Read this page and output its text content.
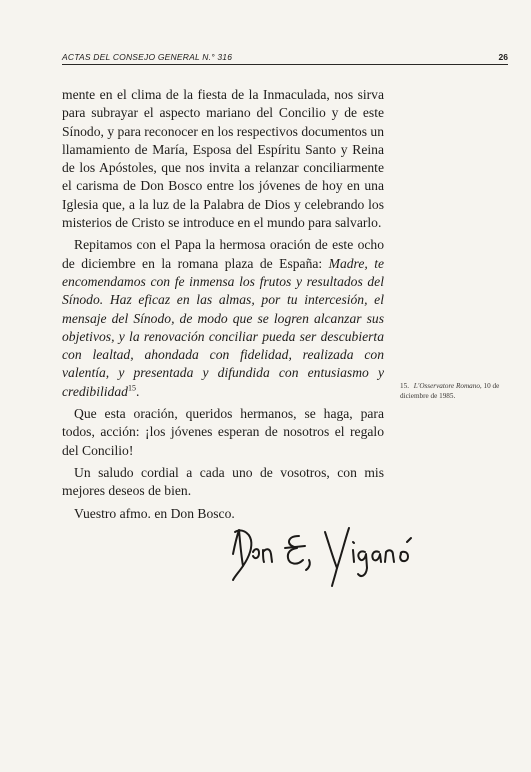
ACTAS DEL CONSEJO GENERAL N.° 316	26

mente en el clima de la fiesta de la Inmaculada, nos sirva para subrayar el aspecto mariano del Concilio y de este Sínodo, y para reconocer en los respectivos documentos un llamamiento de María, Esposa del Espíritu Santo y Reina de los Apóstoles, que nos invita a relanzar conciliarmente el carisma de Don Bosco entre los jóvenes de hoy en una Iglesia que, a la luz de la Palabra de Dios y celebrando los misterios de Cristo se introduce en el mundo para salvarlo.

Repitamos con el Papa la hermosa oración de este ocho de diciembre en la romana plaza de España: Madre, te encomendamos con fe inmensa los frutos y resultados del Sínodo. Haz eficaz en las almas, por tu intercesión, el mensaje del Sínodo, de modo que se logren alcanzar sus objetivos, y la renovación conciliar pueda ser descubierta con lealtad, ahondada con fidelidad, realizada con valentía, y presentada y difundida con entusiasmo y credibilidad$^{15}$.

Que esta oración, queridos hermanos, se haga, para todos, acción: ¡los jóvenes esperan de nosotros el regalo del Concilio!

Un saludo cordial a cada uno de vosotros, con mis mejores deseos de bien.

Vuestro afmo. en Don Bosco.

15. L'Osservatore Romano, 10 de diciembre de 1985.
